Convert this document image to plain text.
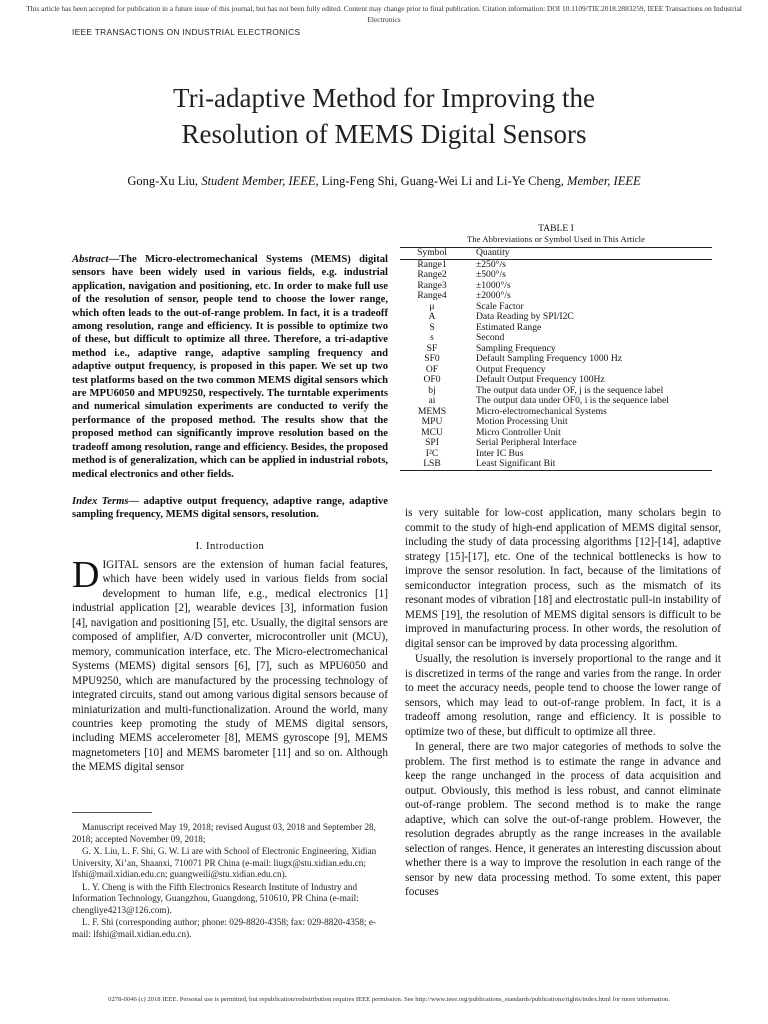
This article has been accepted for publication in a future issue of this journal, but has not been fully edited. Content may change prior to final publication. Citation information: DOI 10.1109/TIE.2018.2883259, IEEE Transactions on Industrial Electronics
IEEE TRANSACTIONS ON INDUSTRIAL ELECTRONICS
Tri-adaptive Method for Improving the
Resolution of MEMS Digital Sensors
Gong-Xu Liu, Student Member, IEEE, Ling-Feng Shi, Guang-Wei Li and Li-Ye Cheng, Member, IEEE
Abstract—The Micro-electromechanical Systems (MEMS) digital sensors have been widely used in various fields, e.g. industrial application, navigation and positioning, etc. In order to make full use of the resolution of sensor, people tend to choose the lower range, which often leads to the out-of-range problem. In fact, it is a tradeoff among resolution, range and efficiency. It is possible to optimize two of these, but difficult to optimize all three. Therefore, a tri-adaptive method i.e., adaptive range, adaptive sampling frequency and adaptive output frequency, is proposed in this paper. We set up two test platforms based on the two common MEMS digital sensors which are MPU6050 and MPU9250, respectively. The turntable experiments and numerical simulation experiments are conducted to verify the performance of the proposed method. The results show that the proposed method can significantly improve resolution based on the tradeoff among resolution, range and efficiency. Besides, the proposed method is of generalization, which can be applied in industrial robots, medical electronics and other fields.
Index Terms— adaptive output frequency, adaptive range, adaptive sampling frequency, MEMS digital sensors, resolution.
I. Introduction
DIGITAL sensors are the extension of human facial features, which have been widely used in various fields from social development to human life, e.g., medical electronics [1] industrial application [2], wearable devices [3], information fusion [4], navigation and positioning [5], etc. Usually, the digital sensors are composed of amplifier, A/D converter, microcontroller unit (MCU), memory, communication interface, etc. The Micro-electromechanical Systems (MEMS) digital sensors [6], [7], such as MPU6050 and MPU9250, which are manufactured by the processing technology of integrated circuits, stand out among various digital sensors because of miniaturization and multi-functionalization. Around the world, many countries keep promoting the study of MEMS digital sensors, including MEMS accelerometer [8], MEMS gyroscope [9], MEMS magnetometers [10] and MEMS barometer [11] and so on. Although the MEMS digital sensor

Manuscript received May 19, 2018; revised August 03, 2018 and September 28, 2018; accepted November 09, 2018;

G. X. Liu, L. F. Shi, G. W. Li are with School of Electronic Engineering, Xidian University, Xi’an, Shaanxi, 710071 PR China (e-mail: liugx@stu.xidian.edu.cn; lfshi@mail.xidian.edu.cn; guangweili@stu.xidian.edu.cn).

L. Y. Cheng is with the Fifth Electronics Research Institute of Industry and Information Technology, Guangzhou, Guangdong, 510610, PR China (e-mail: chengliye4213@126.com).

L. F. Shi (corresponding author; phone: 029-8820-4358; fax: 029-8820-4358; e-mail: lfshi@mail.xidian.edu.cn).

TABLE I
The Abbreviations or Symbol Used in This Article
Symbol	Quantity
Range1	±250°/s
Range2	±500°/s
Range3	±1000°/s
Range4	±2000°/s
μ	Scale Factor
A	Data Reading by SPI/I2C
S	Estimated Range
s	Second
SF	Sampling Frequency
SF0	Default Sampling Frequency 1000 Hz
OF	Output Frequency
OF0	Default Output Frequency 100Hz
bj	The output data under OF, j is the sequence label
ai	The output data under OF0, i is the sequence label
MEMS	Micro-electromechanical Systems
MPU	Motion Processing Unit
MCU	Micro Controller Unit
SPI	Serial Peripheral Interface
I²C	Inter IC Bus
LSB	Least Significant Bit

is very suitable for low-cost application, many scholars begin to commit to the study of high-end application of MEMS digital sensor, including the study of data processing algorithms [12]-[14], adaptive strategy [15]-[17], etc. One of the technical bottlenecks is how to improve the sensor resolution. In fact, because of the limitations of semiconductor integration process, such as the mismatch of its resonant modes of vibration [18] and electrostatic pull-in instability of MEMS [19], the resolution of MEMS digital sensors is difficult to be improved in manufacturing process. In other words, the resolution of digital sensor can be improved by data processing algorithm.

Usually, the resolution is inversely proportional to the range and it is discretized in terms of the range and varies from the range. In order to meet the accuracy needs, people tend to choose the lower range of sensors, which may lead to out-of-range problem. In fact, it is a tradeoff among resolution, range and efficiency. It is possible to optimize two of these, but difficult to optimize all three.

In general, there are two major categories of methods to solve the problem. The first method is to estimate the range in advance and keep the range unchanged in the process of data acquisition and output. Obviously, this method is less robust, and cannot eliminate out-of-range problem. The second method is to make the range adaptive, which can solve the out-of-range problem. However, the resolution degrades abruptly as the range increases in the available selection of ranges. Hence, it generates an interesting discussion about whether there is a way to improve the resolution in each range of the sensor by new data processing method. To some extent, this paper focuses

0278-0046 (c) 2018 IEEE. Personal use is permitted, but republication/redistribution requires IEEE permission. See http://www.ieee.org/publications_standards/publications/rights/index.html for more information.
